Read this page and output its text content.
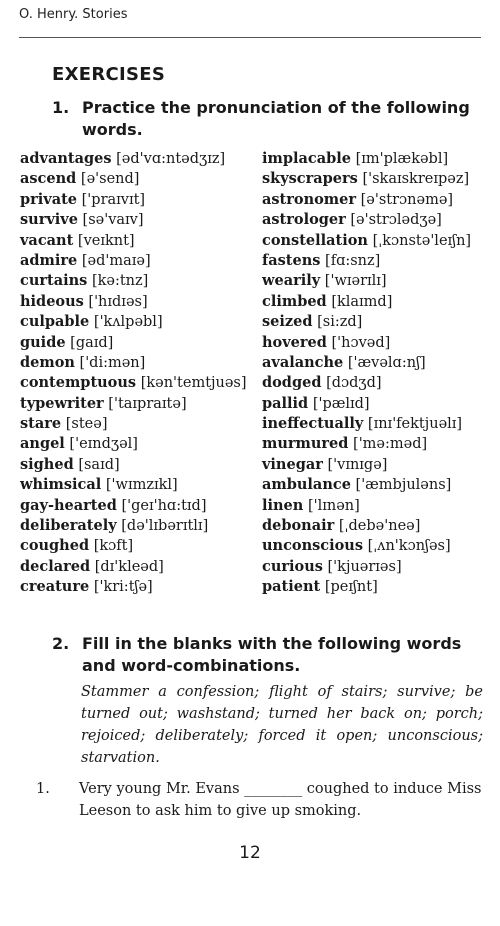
O. Henry. Stories
EXERCISES
1. Practice the pronunciation of the following words.
advantages [əd'vɑ:ntədʒɪz]
ascend [ə'send]
private ['praɪvɪt]
survive [sə'vaɪv]
vacant [veɪknt]
admire [əd'maɪə]
curtains [kə:tnz]
hideous ['hɪdɪəs]
culpable ['kʌlpəbl]
guide [gaɪd]
demon ['di:mən]
contemptuous [kən'temtjuəs]
typewriter ['taɪpraɪtə]
stare [steə]
angel ['eɪndʒəl]
sighed [saɪd]
whimsical ['wɪmzɪkl]
gay-hearted ['geɪ'hɑ:tɪd]
deliberately [də'lɪbərɪtlɪ]
coughed [kɔft]
declared [dɪ'kleəd]
creature ['kri:tʃə]
implacable [ɪm'plækəbl]
skyscrapers ['skaɪskreɪpəz]
astronomer [ə'strɔnəmə]
astrologer [ə'strɔlədʒə]
constellation [ˌkɔnstə'leɪʃn]
fastens [fɑ:snz]
wearily ['wɪərɪlɪ]
climbed [klaɪmd]
seized [si:zd]
hovered ['hɔvəd]
avalanche ['ævəlɑ:nʃ]
dodged [dɔdʒd]
pallid ['pælɪd]
ineffectually [ɪnɪ'fektjuəlɪ]
murmured ['mə:məd]
vinegar ['vɪnɪgə]
ambulance ['æmbjuləns]
linen ['lɪnən]
debonair [ˌdebə'neə]
unconscious [ˌʌn'kɔnʃəs]
curious ['kjuərɪəs]
patient [peɪʃnt]
2. Fill in the blanks with the following words and word-combinations.
Stammer a confession; flight of stairs; survive; be turned out; washstand; turned her back on; porch; rejoiced; deliberately; forced it open; unconscious; starvation.
1.	Very young Mr. Evans ________ coughed to induce Miss Leeson to ask him to give up smoking.
12
